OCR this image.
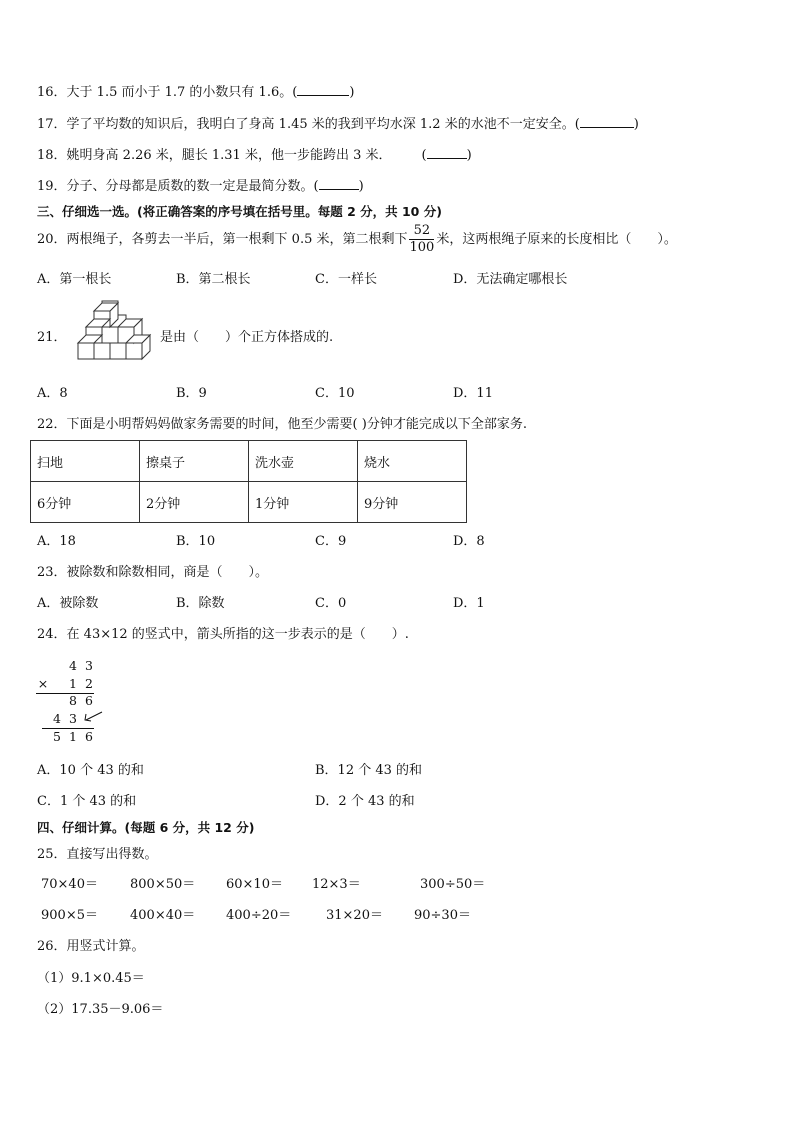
16．大于 1.5 而小于 1.7 的小数只有 1.6。(	)
17．学了平均数的知识后，我明白了身高 1.45 米的我到平均水深 1.2 米的水池不一定安全。(	)
18．姚明身高 2.26 米，腿长 1.31 米，他一步能跨出 3 米． (	)
19．分子、分母都是质数的数一定是最简分数。(	)
三、仔细选一选。(将正确答案的序号填在括号里。每题 2 分，共 10 分)
20．两根绳子，各剪去一半后，第一根剩下 0.5 米，第二根剩下 $\frac{52}{100}$ 米，这两根绳子原来的长度相比（　　）。
A．第一根长	B．第二根长	C．一样长	D．无法确定哪根长
21．	是由（　　）个正方体搭成的.
A．8	B．9	C．10	D．11
22．下面是小明帮妈妈做家务需要的时间，他至少需要( )分钟才能完成以下全部家务.
扫地	擦桌子	洗水壶	烧水
6分钟	2分钟	1分钟	9分钟
A．18	B．10	C．9	D．8
23．被除数和除数相同，商是（　　）。
A．被除数	B．除数	C．0	D．1
24．在 43×12 的竖式中，箭头所指的这一步表示的是（　　）.
4 3
× 1 2
8 6
4 3
5 1 6
A．10 个 43 的和	B．12 个 43 的和
C．1 个 43 的和	D．2 个 43 的和
四、仔细计算。(每题 6 分，共 12 分)
25．直接写出得数。
70×40＝ 800×50＝ 60×10＝ 12×3＝	300÷50＝
900×5＝ 400×40＝ 400÷20＝	31×20＝ 90÷30＝
26．用竖式计算。
（1）9.1×0.45＝
（2）17.35－9.06＝
